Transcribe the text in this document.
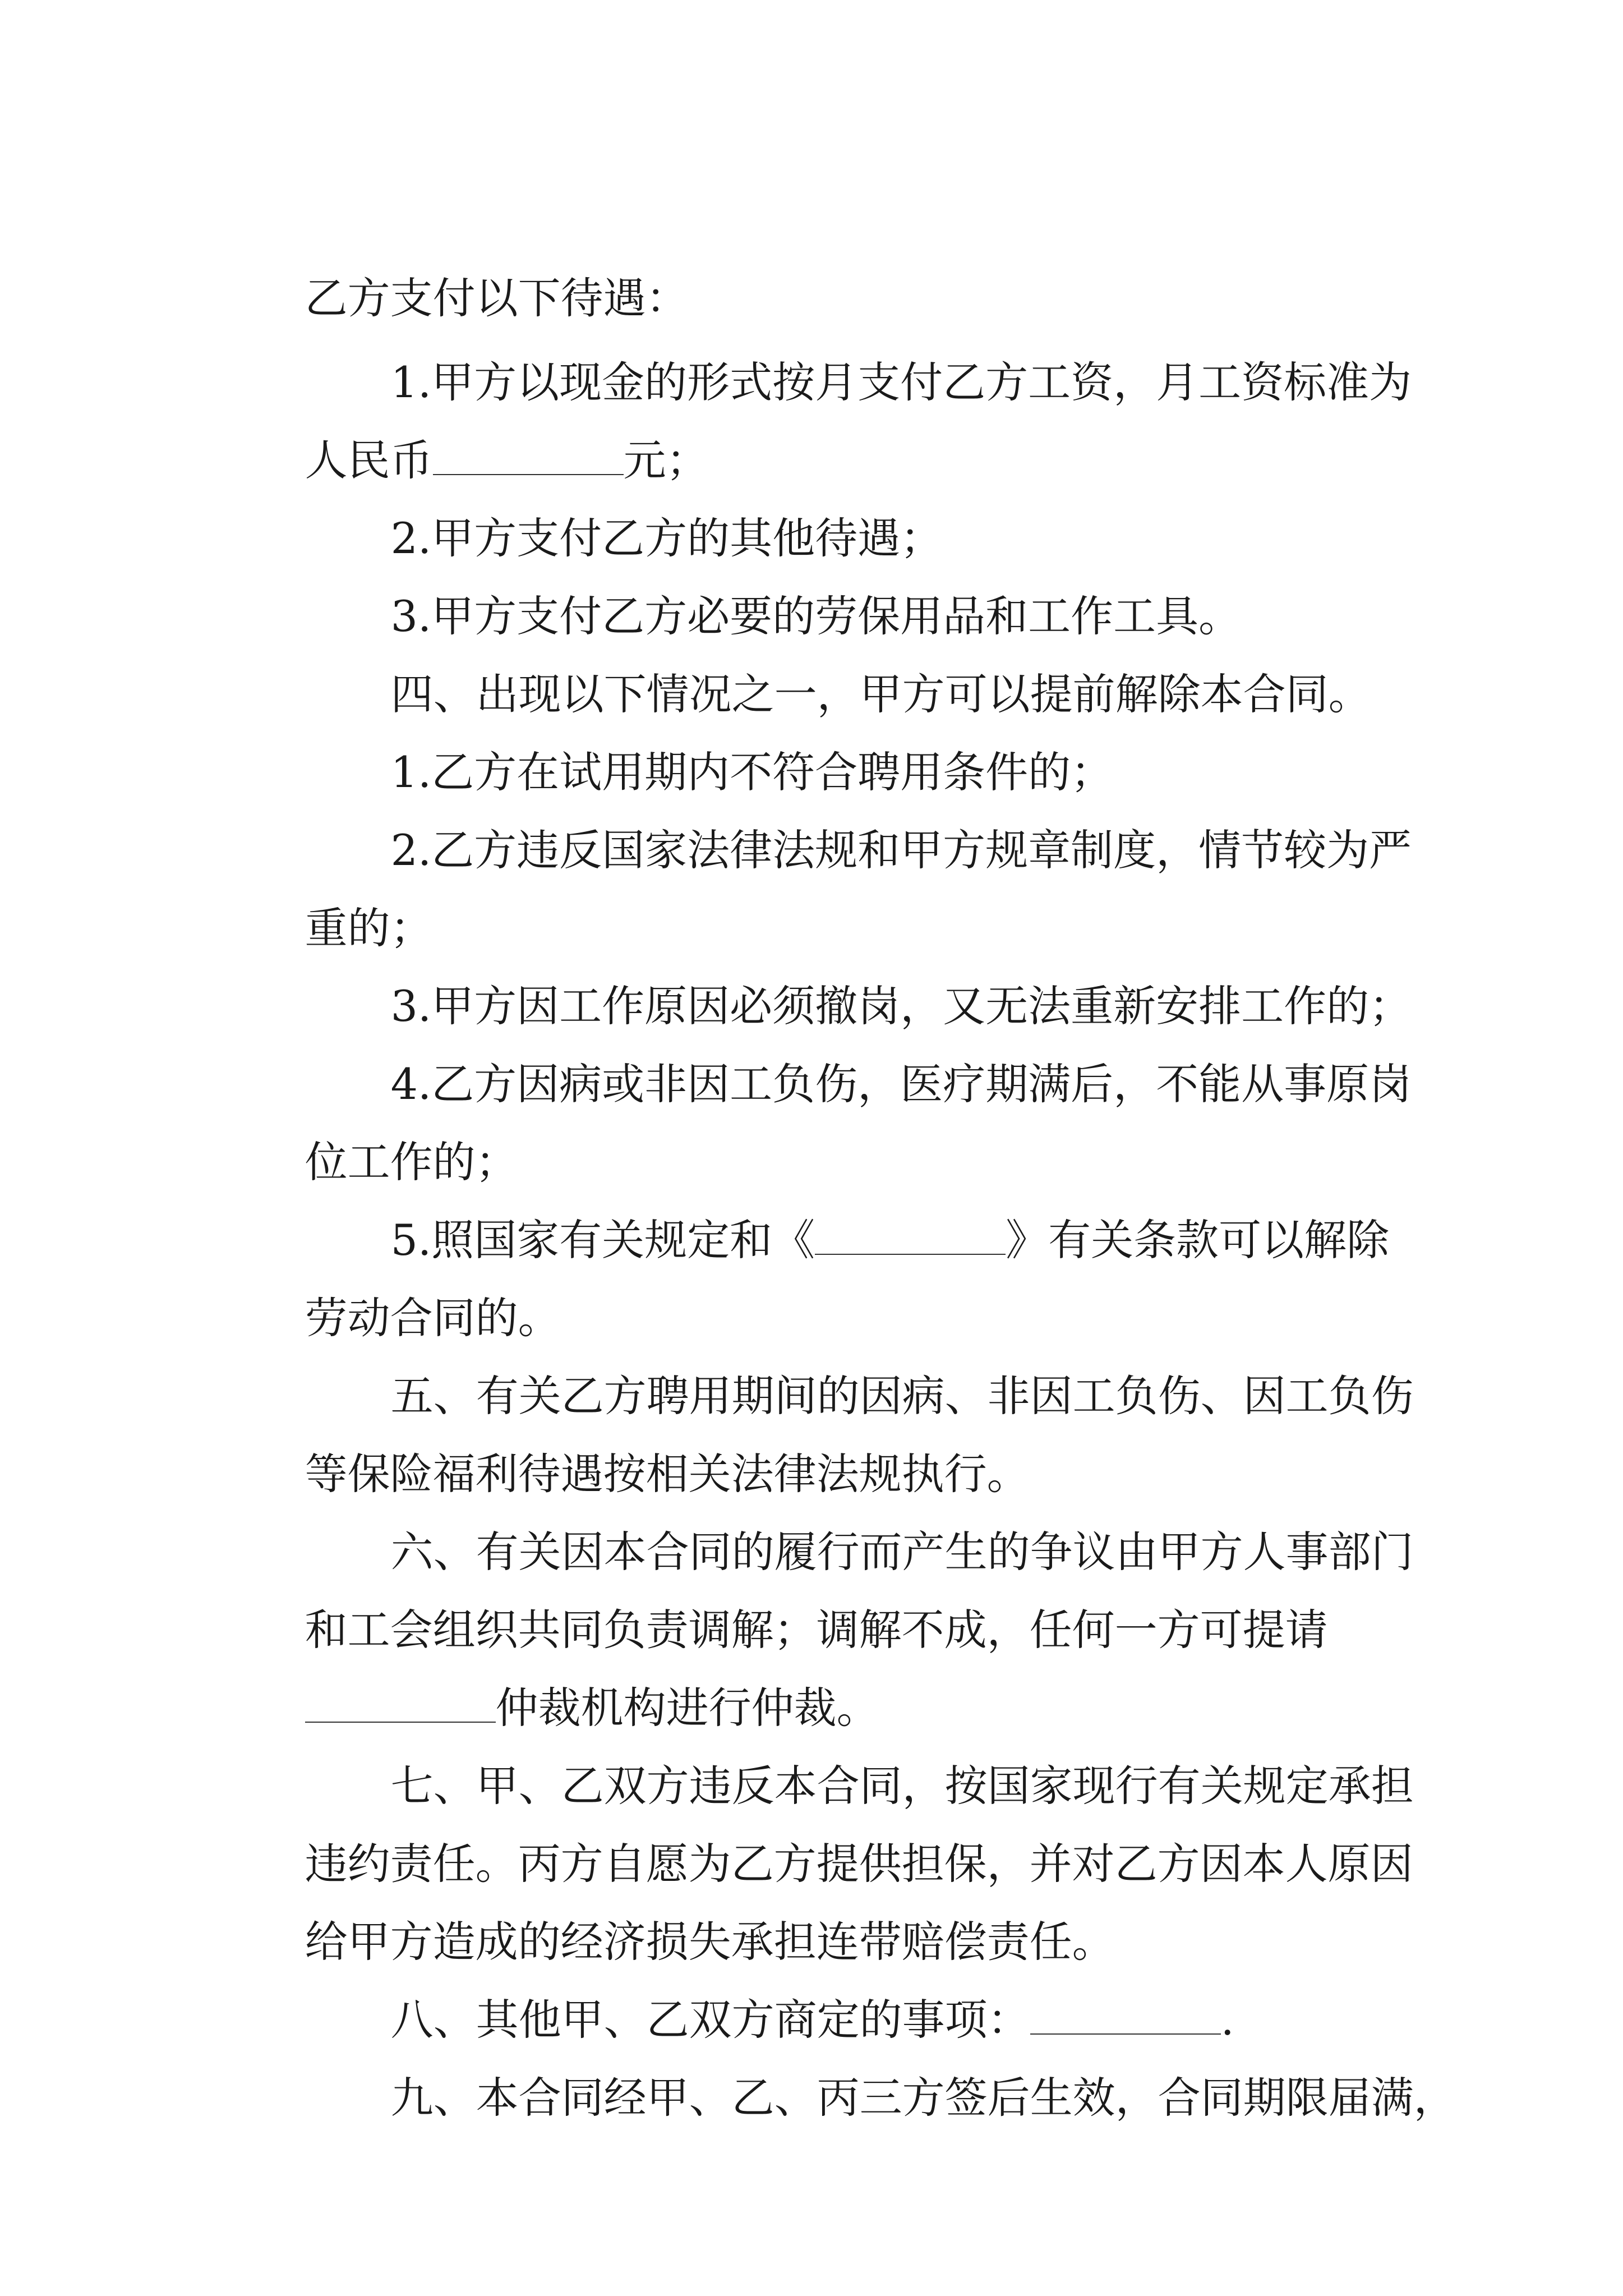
乙方支付以下待遇：

1.甲方以现金的形式按月支付乙方工资，月工资标准为

人民币	元；

2.甲方支付乙方的其他待遇；

3.甲方支付乙方必要的劳保用品和工作工具。

四、出现以下情况之一，甲方可以提前解除本合同。

1.乙方在试用期内不符合聘用条件的；

2.乙方违反国家法律法规和甲方规章制度，情节较为严

重的；

3.甲方因工作原因必须撤岗，又无法重新安排工作的；

4.乙方因病或非因工负伤，医疗期满后，不能从事原岗

位工作的；

5.照国家有关规定和《	》有关条款可以解除

劳动合同的。

五、有关乙方聘用期间的因病、非因工负伤、因工负伤

等保险福利待遇按相关法律法规执行。

六、有关因本合同的履行而产生的争议由甲方人事部门

和工会组织共同负责调解；调解不成，任何一方可提请

仲裁机构进行仲裁。

七、甲、乙双方违反本合同，按国家现行有关规定承担

违约责任。丙方自愿为乙方提供担保，并对乙方因本人原因

给甲方造成的经济损失承担连带赔偿责任。

八、其他甲、乙双方商定的事项：	.

九、本合同经甲、乙、丙三方签后生效，合同期限届满，
